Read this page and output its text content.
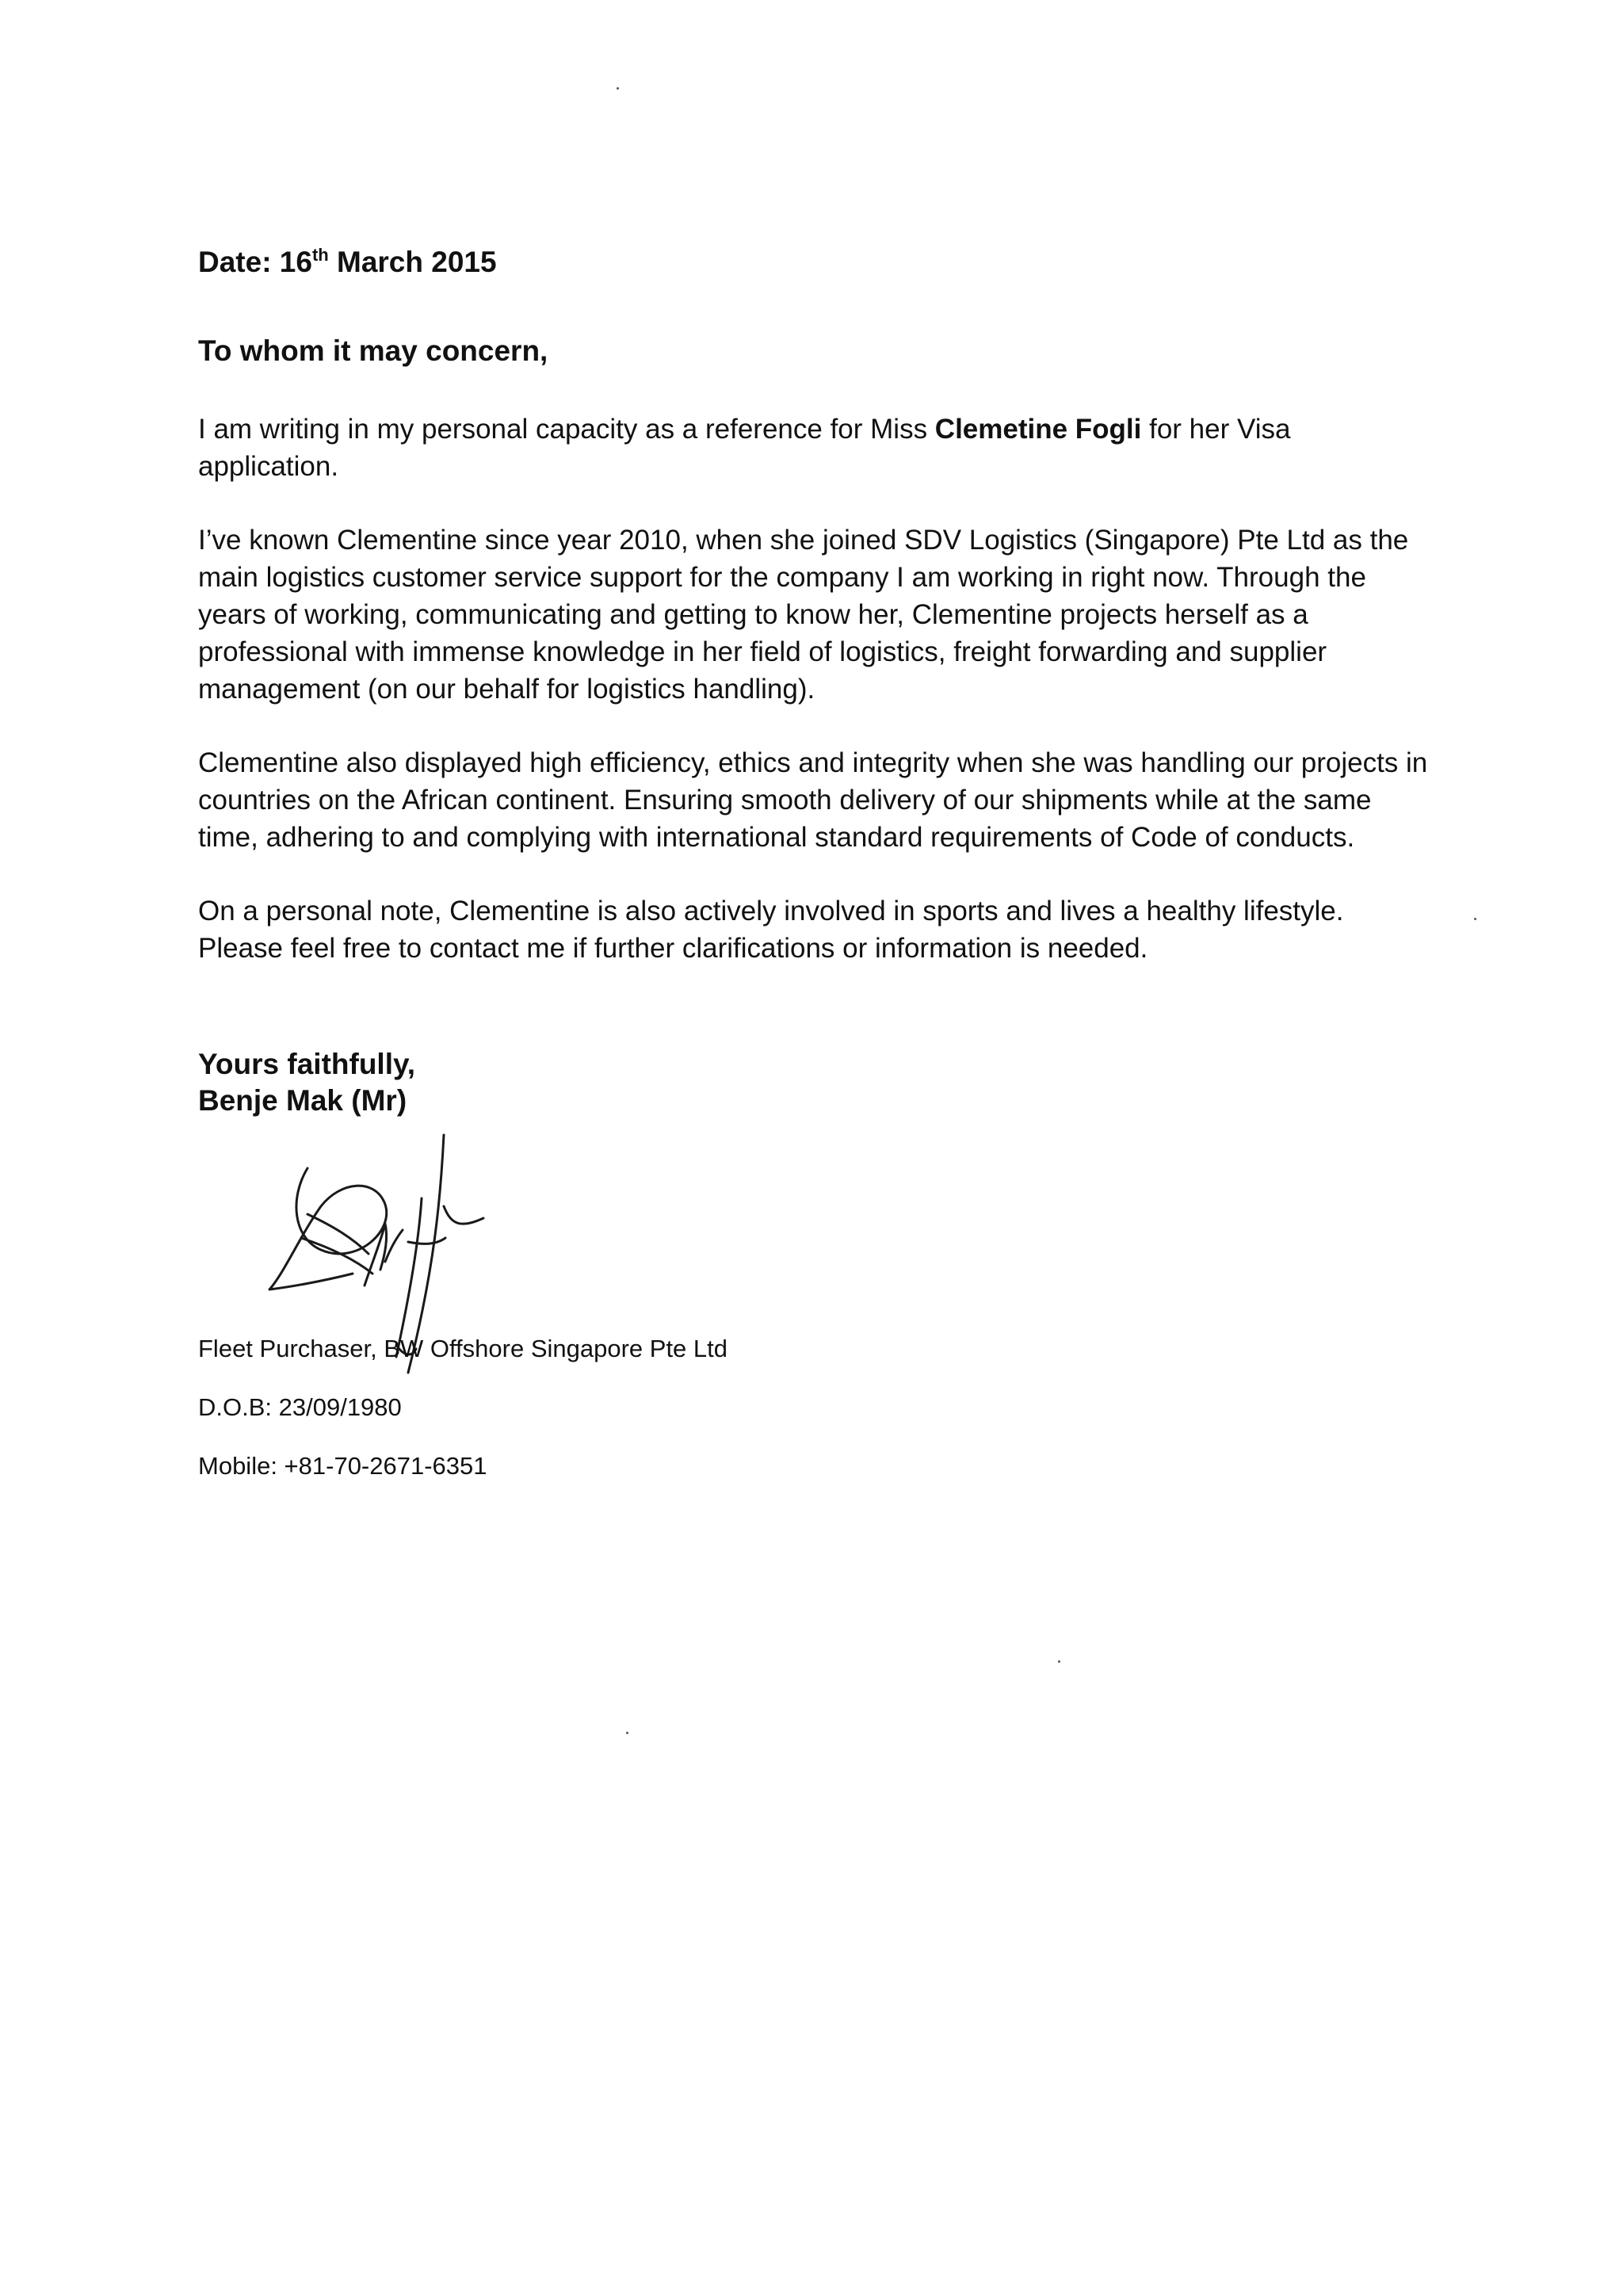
Date: 16th March 2015

To whom it may concern,

I am writing in my personal capacity as a reference for Miss Clemetine Fogli for her Visa application.

I’ve known Clementine since year 2010, when she joined SDV Logistics (Singapore) Pte Ltd as the main logistics customer service support for the company I am working in right now. Through the years of working, communicating and getting to know her, Clementine projects herself as a professional with immense knowledge in her field of logistics, freight forwarding and supplier management (on our behalf for logistics handling).

Clementine also displayed high efficiency, ethics and integrity when she was handling our projects in countries on the African continent. Ensuring smooth delivery of our shipments while at the same time, adhering to and complying with international standard requirements of Code of conducts.

On a personal note, Clementine is also actively involved in sports and lives a healthy lifestyle. Please feel free to contact me if further clarifications or information is needed.

Yours faithfully,

Benje Mak (Mr)

Fleet Purchaser, BW Offshore Singapore Pte Ltd

D.O.B: 23/09/1980

Mobile: +81-70-2671-6351
